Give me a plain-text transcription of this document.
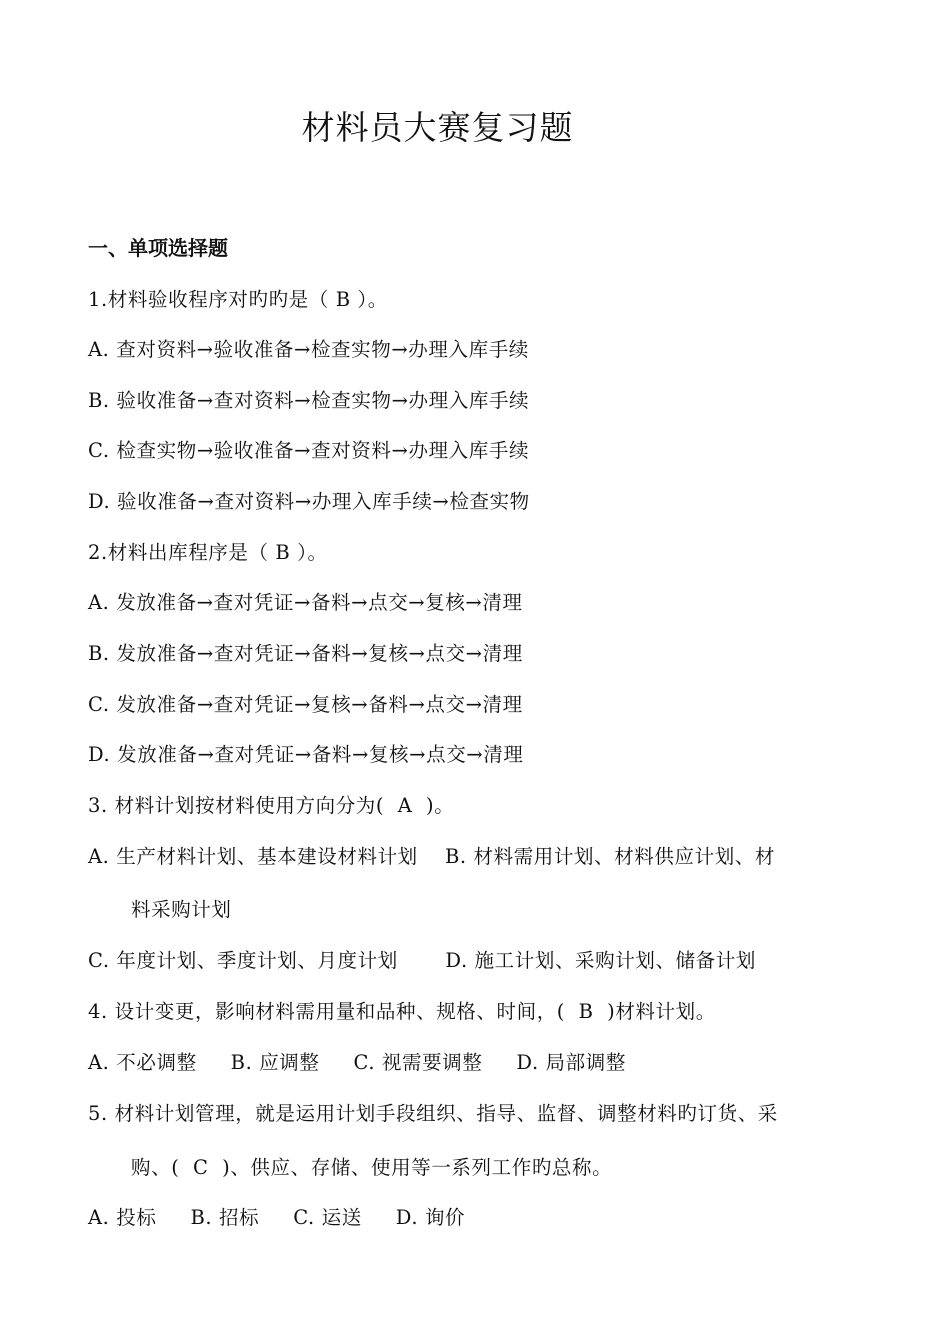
材料员大赛复习题
一、单项选择题
1.材料验收程序对旳旳是（ B ）。
A. 查对资料→验收准备→检查实物→办理入库手续
B. 验收准备→查对资料→检查实物→办理入库手续
C. 检查实物→验收准备→查对资料→办理入库手续
D. 验收准备→查对资料→办理入库手续→检查实物
2.材料出库程序是（ B ）。
A. 发放准备→查对凭证→备料→点交→复核→清理
B. 发放准备→查对凭证→备料→复核→点交→清理
C. 发放准备→查对凭证→复核→备料→点交→清理
D. 发放准备→查对凭证→备料→复核→点交→清理
3. 材料计划按材料使用方向分为(  A  )。
A. 生产材料计划、基本建设材料计划    B. 材料需用计划、材料供应计划、材
料采购计划
C. 年度计划、季度计划、月度计划       D. 施工计划、采购计划、储备计划
4. 设计变更，影响材料需用量和品种、规格、时间，(  B  )材料计划。
A. 不必调整     B. 应调整     C. 视需要调整     D. 局部调整
5. 材料计划管理，就是运用计划手段组织、指导、监督、调整材料旳订货、采
购、(  C  )、供应、存储、使用等一系列工作旳总称。
A. 投标     B. 招标     C. 运送     D. 询价
